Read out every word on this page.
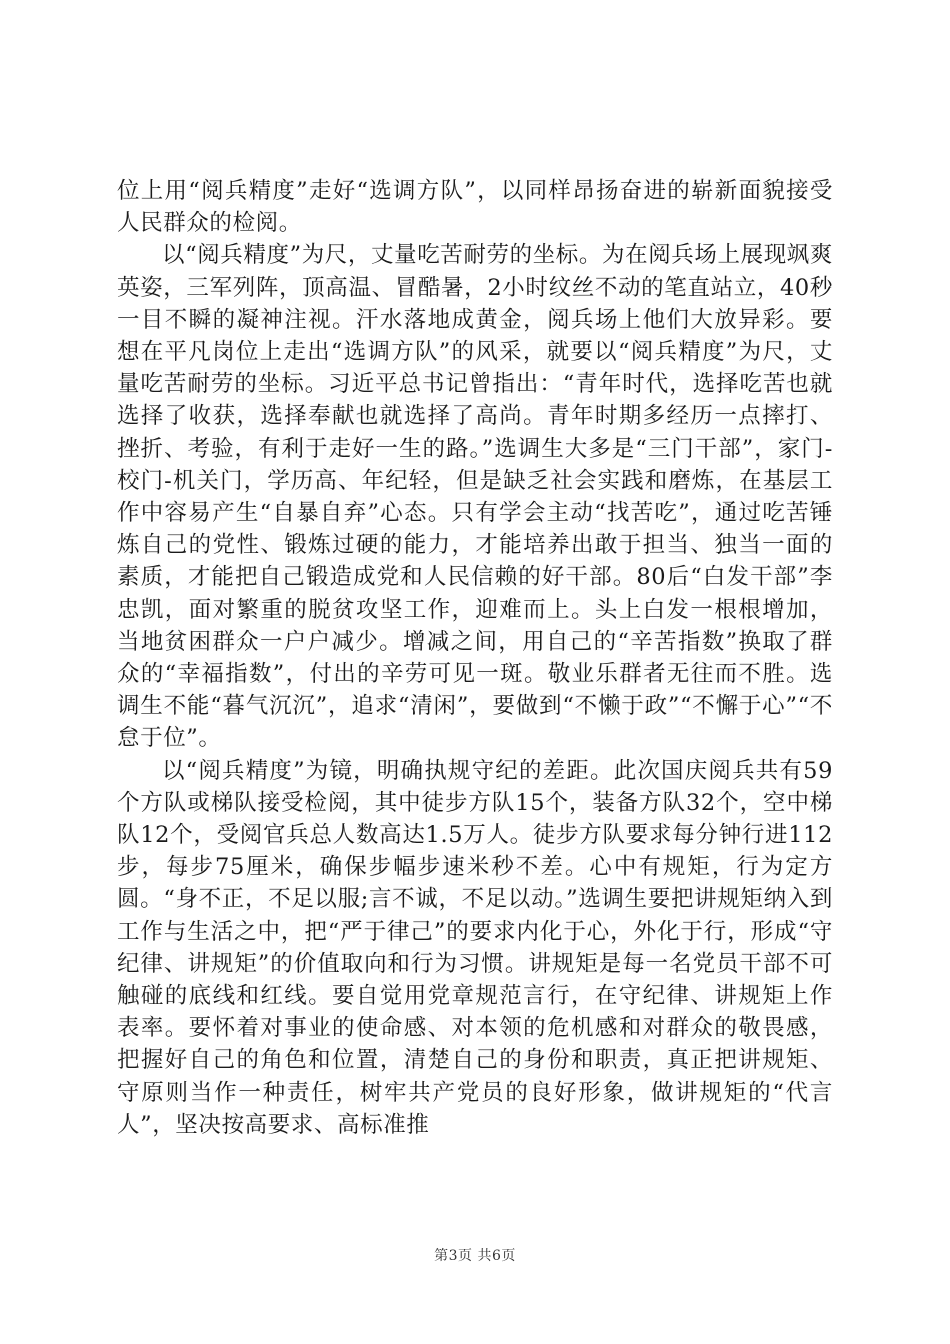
位上用“阅兵精度”走好“选调方队”，以同样昂扬奋进的崭新面貌接受人民群众的检阅。

以“阅兵精度”为尺，丈量吃苦耐劳的坐标。为在阅兵场上展现飒爽英姿，三军列阵，顶高温、冒酷暑，2小时纹丝不动的笔直站立，40秒一目不瞬的凝神注视。汗水落地成黄金，阅兵场上他们大放异彩。要想在平凡岗位上走出“选调方队”的风采，就要以“阅兵精度”为尺，丈量吃苦耐劳的坐标。习近平总书记曾指出：“青年时代，选择吃苦也就选择了收获，选择奉献也就选择了高尚。青年时期多经历一点摔打、挫折、考验，有利于走好一生的路。”选调生大多是“三门干部”，家门-校门-机关门，学历高、年纪轻，但是缺乏社会实践和磨炼，在基层工作中容易产生“自暴自弃”心态。只有学会主动“找苦吃”，通过吃苦锤炼自己的党性、锻炼过硬的能力，才能培养出敢于担当、独当一面的素质，才能把自己锻造成党和人民信赖的好干部。80后“白发干部”李忠凯，面对繁重的脱贫攻坚工作，迎难而上。头上白发一根根增加，当地贫困群众一户户减少。增减之间，用自己的“辛苦指数”换取了群众的“幸福指数”，付出的辛劳可见一斑。敬业乐群者无往而不胜。选调生不能“暮气沉沉”，追求“清闲”，要做到“不懒于政”“不懈于心”“不怠于位”。

以“阅兵精度”为镜，明确执规守纪的差距。此次国庆阅兵共有59个方队或梯队接受检阅，其中徒步方队15个，装备方队32个，空中梯队12个，受阅官兵总人数高达1.5万人。徒步方队要求每分钟行进112步，每步75厘米，确保步幅步速米秒不差。心中有规矩，行为定方圆。“身不正，不足以服;言不诚，不足以动。”选调生要把讲规矩纳入到工作与生活之中，把“严于律己”的要求内化于心，外化于行，形成“守纪律、讲规矩”的价值取向和行为习惯。讲规矩是每一名党员干部不可触碰的底线和红线。要自觉用党章规范言行，在守纪律、讲规矩上作表率。要怀着对事业的使命感、对本领的危机感和对群众的敬畏感，把握好自己的角色和位置，清楚自己的身份和职责，真正把讲规矩、守原则当作一种责任，树牢共产党员的良好形象，做讲规矩的“代言人”，坚决按高要求、高标准推

第3页 共6页
